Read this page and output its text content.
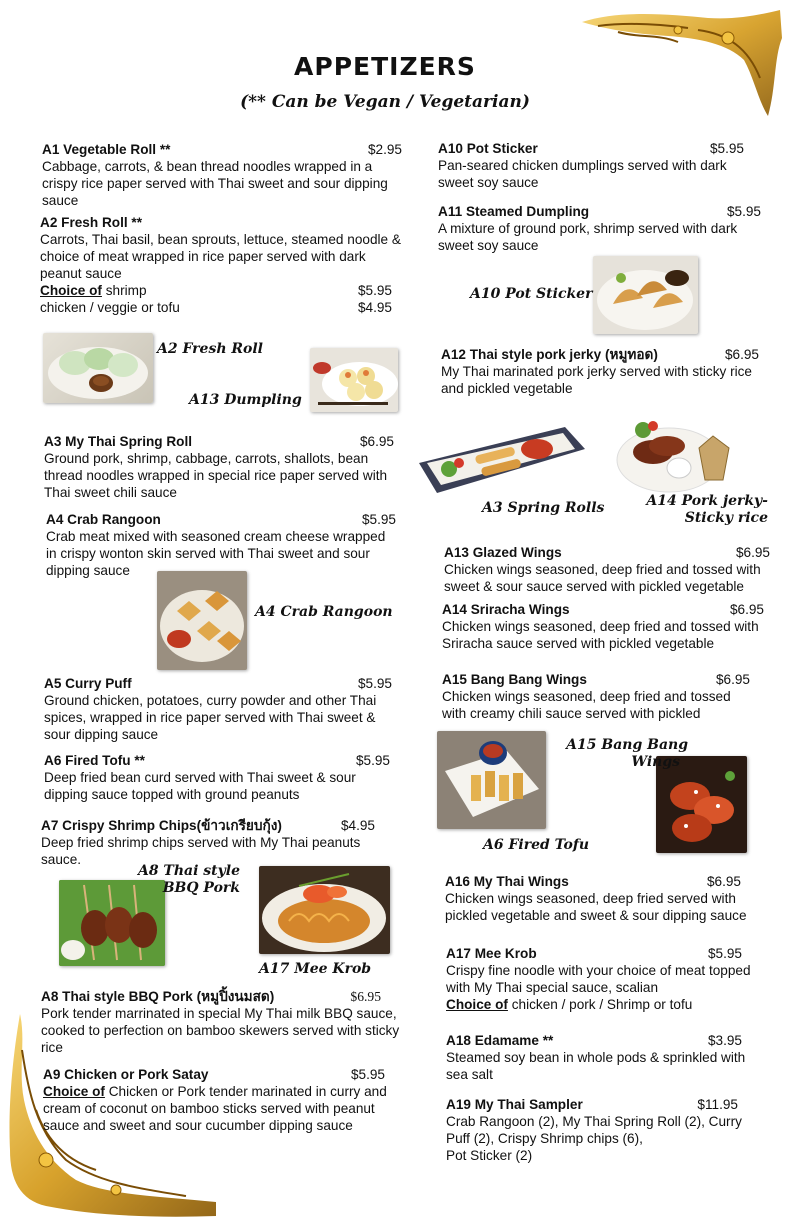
APPETIZERS
(** Can be Vegan / Vegetarian)
A1 Vegetable Roll **	$2.95
Cabbage, carrots, & bean thread noodles wrapped in a crispy rice paper served with Thai sweet and sour dipping sauce
A2 Fresh Roll **
Carrots, Thai basil, bean sprouts, lettuce, steamed noodle & choice of meat wrapped in rice paper served with dark peanut sauce
Choice of shrimp	$5.95
chicken / veggie or tofu	$4.95
A2 Fresh Roll
A13 Dumpling
A3 My Thai Spring Roll	$6.95
Ground pork, shrimp, cabbage, carrots, shallots, bean thread noodles wrapped in special rice paper served with Thai sweet chili sauce
A4 Crab Rangoon	$5.95
Crab meat mixed with seasoned cream cheese wrapped in crispy wonton skin served with Thai sweet and sour dipping sauce
A4 Crab Rangoon
A5 Curry Puff	$5.95
Ground chicken, potatoes, curry powder and other Thai spices, wrapped in rice paper served with Thai sweet & sour dipping sauce
A6 Fired Tofu **	$5.95
Deep fried bean curd served with Thai sweet & sour dipping sauce topped with ground peanuts
A7 Crispy Shrimp Chips(ข้าวเกรียบกุ้ง)	$4.95
Deep fried shrimp chips served with My Thai peanuts sauce.
A8 Thai style
BBQ Pork
A17 Mee Krob
A8 Thai style BBQ Pork (หมูปิ้งนมสด)	$6.95
Pork tender marrinated in special My Thai milk BBQ sauce, cooked to perfection on bamboo skewers served with sticky rice
A9 Chicken or Pork Satay	$5.95
Choice of Chicken or Pork tender marinated in curry and cream of coconut on bamboo sticks served with peanut sauce and sweet and sour cucumber dipping sauce
A10 Pot Sticker	$5.95
Pan-seared chicken dumplings served with dark sweet soy sauce
A11 Steamed Dumpling	$5.95
A mixture of ground pork, shrimp served with dark sweet soy sauce
A10 Pot Sticker
A12 Thai style pork jerky (หมูทอด)	$6.95
My Thai marinated pork jerky served with sticky rice and pickled vegetable
A3 Spring Rolls	A14 Pork jerky-
Sticky rice
A13 Glazed Wings	$6.95
Chicken wings seasoned, deep fried and tossed with sweet & sour sauce served with pickled vegetable
A14 Sriracha Wings	$6.95
Chicken wings seasoned, deep fried and tossed with Sriracha sauce served with pickled vegetable
A15 Bang Bang Wings	$6.95
Chicken wings seasoned, deep fried and tossed with creamy chili sauce served with pickled
A6 Fired Tofu
A15 Bang Bang
Wings
A16 My Thai Wings	$6.95
Chicken wings seasoned, deep fried served with pickled vegetable and sweet & sour dipping sauce
A17 Mee Krob	$5.95
Crispy fine noodle with your choice of meat topped with My Thai special sauce, scalian
Choice of chicken / pork / Shrimp or tofu
A18 Edamame **	$3.95
Steamed soy bean in whole pods & sprinkled with sea salt
A19 My Thai Sampler	$11.95
Crab Rangoon (2), My Thai Spring Roll (2), Curry Puff (2), Crispy Shrimp chips (6),
Pot Sticker (2)
